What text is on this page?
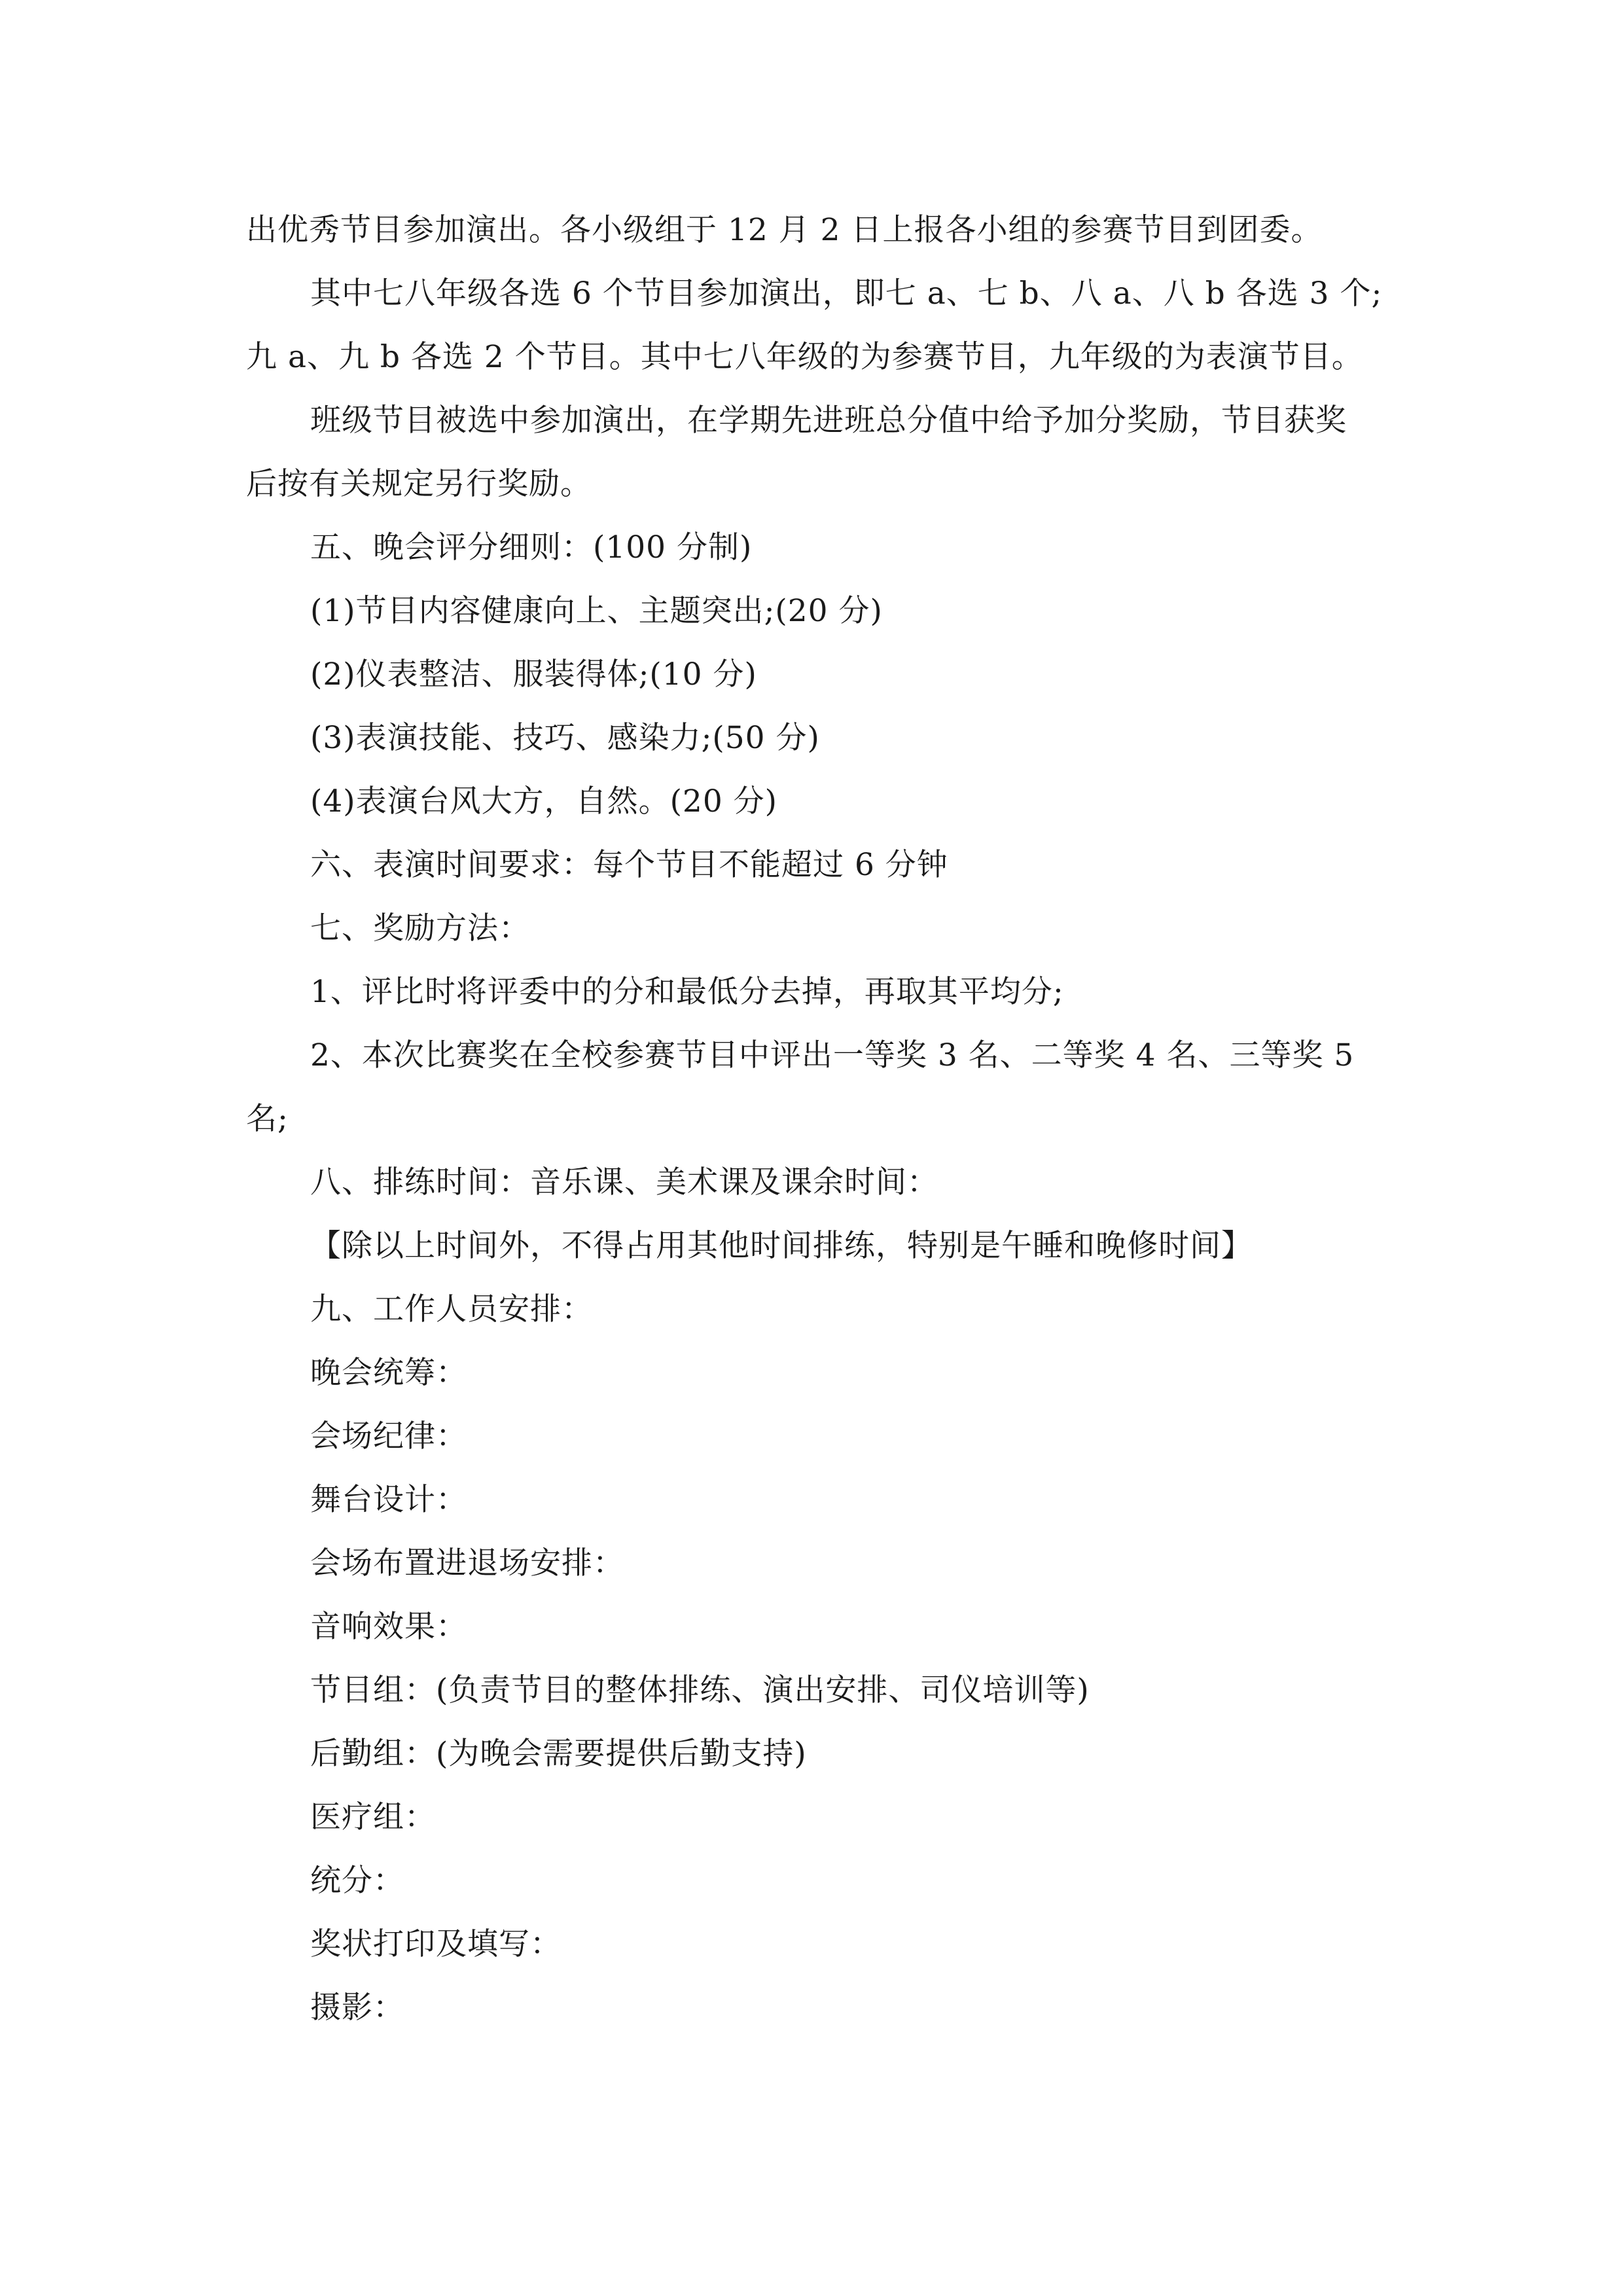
出优秀节目参加演出。各小级组于 12 月 2 日上报各小组的参赛节目到团委。
其中七八年级各选 6 个节目参加演出，即七 a、七 b、八 a、八 b 各选 3 个;
九 a、九 b 各选 2 个节目。其中七八年级的为参赛节目，九年级的为表演节目。
班级节目被选中参加演出，在学期先进班总分值中给予加分奖励，节目获奖
后按有关规定另行奖励。
五、晚会评分细则：(100 分制)
(1)节目内容健康向上、主题突出;(20 分)
(2)仪表整洁、服装得体;(10 分)
(3)表演技能、技巧、感染力;(50 分)
(4)表演台风大方，自然。(20 分)
六、表演时间要求：每个节目不能超过 6 分钟
七、奖励方法：
1、评比时将评委中的分和最低分去掉，再取其平均分;
2、本次比赛奖在全校参赛节目中评出一等奖 3 名、二等奖 4 名、三等奖 5
名;
八、排练时间：音乐课、美术课及课余时间：
【除以上时间外，不得占用其他时间排练，特别是午睡和晚修时间】
九、工作人员安排：
晚会统筹：
会场纪律：
舞台设计：
会场布置进退场安排：
音响效果：
节目组：(负责节目的整体排练、演出安排、司仪培训等)
后勤组：(为晚会需要提供后勤支持)
医疗组：
统分：
奖状打印及填写：
摄影：
